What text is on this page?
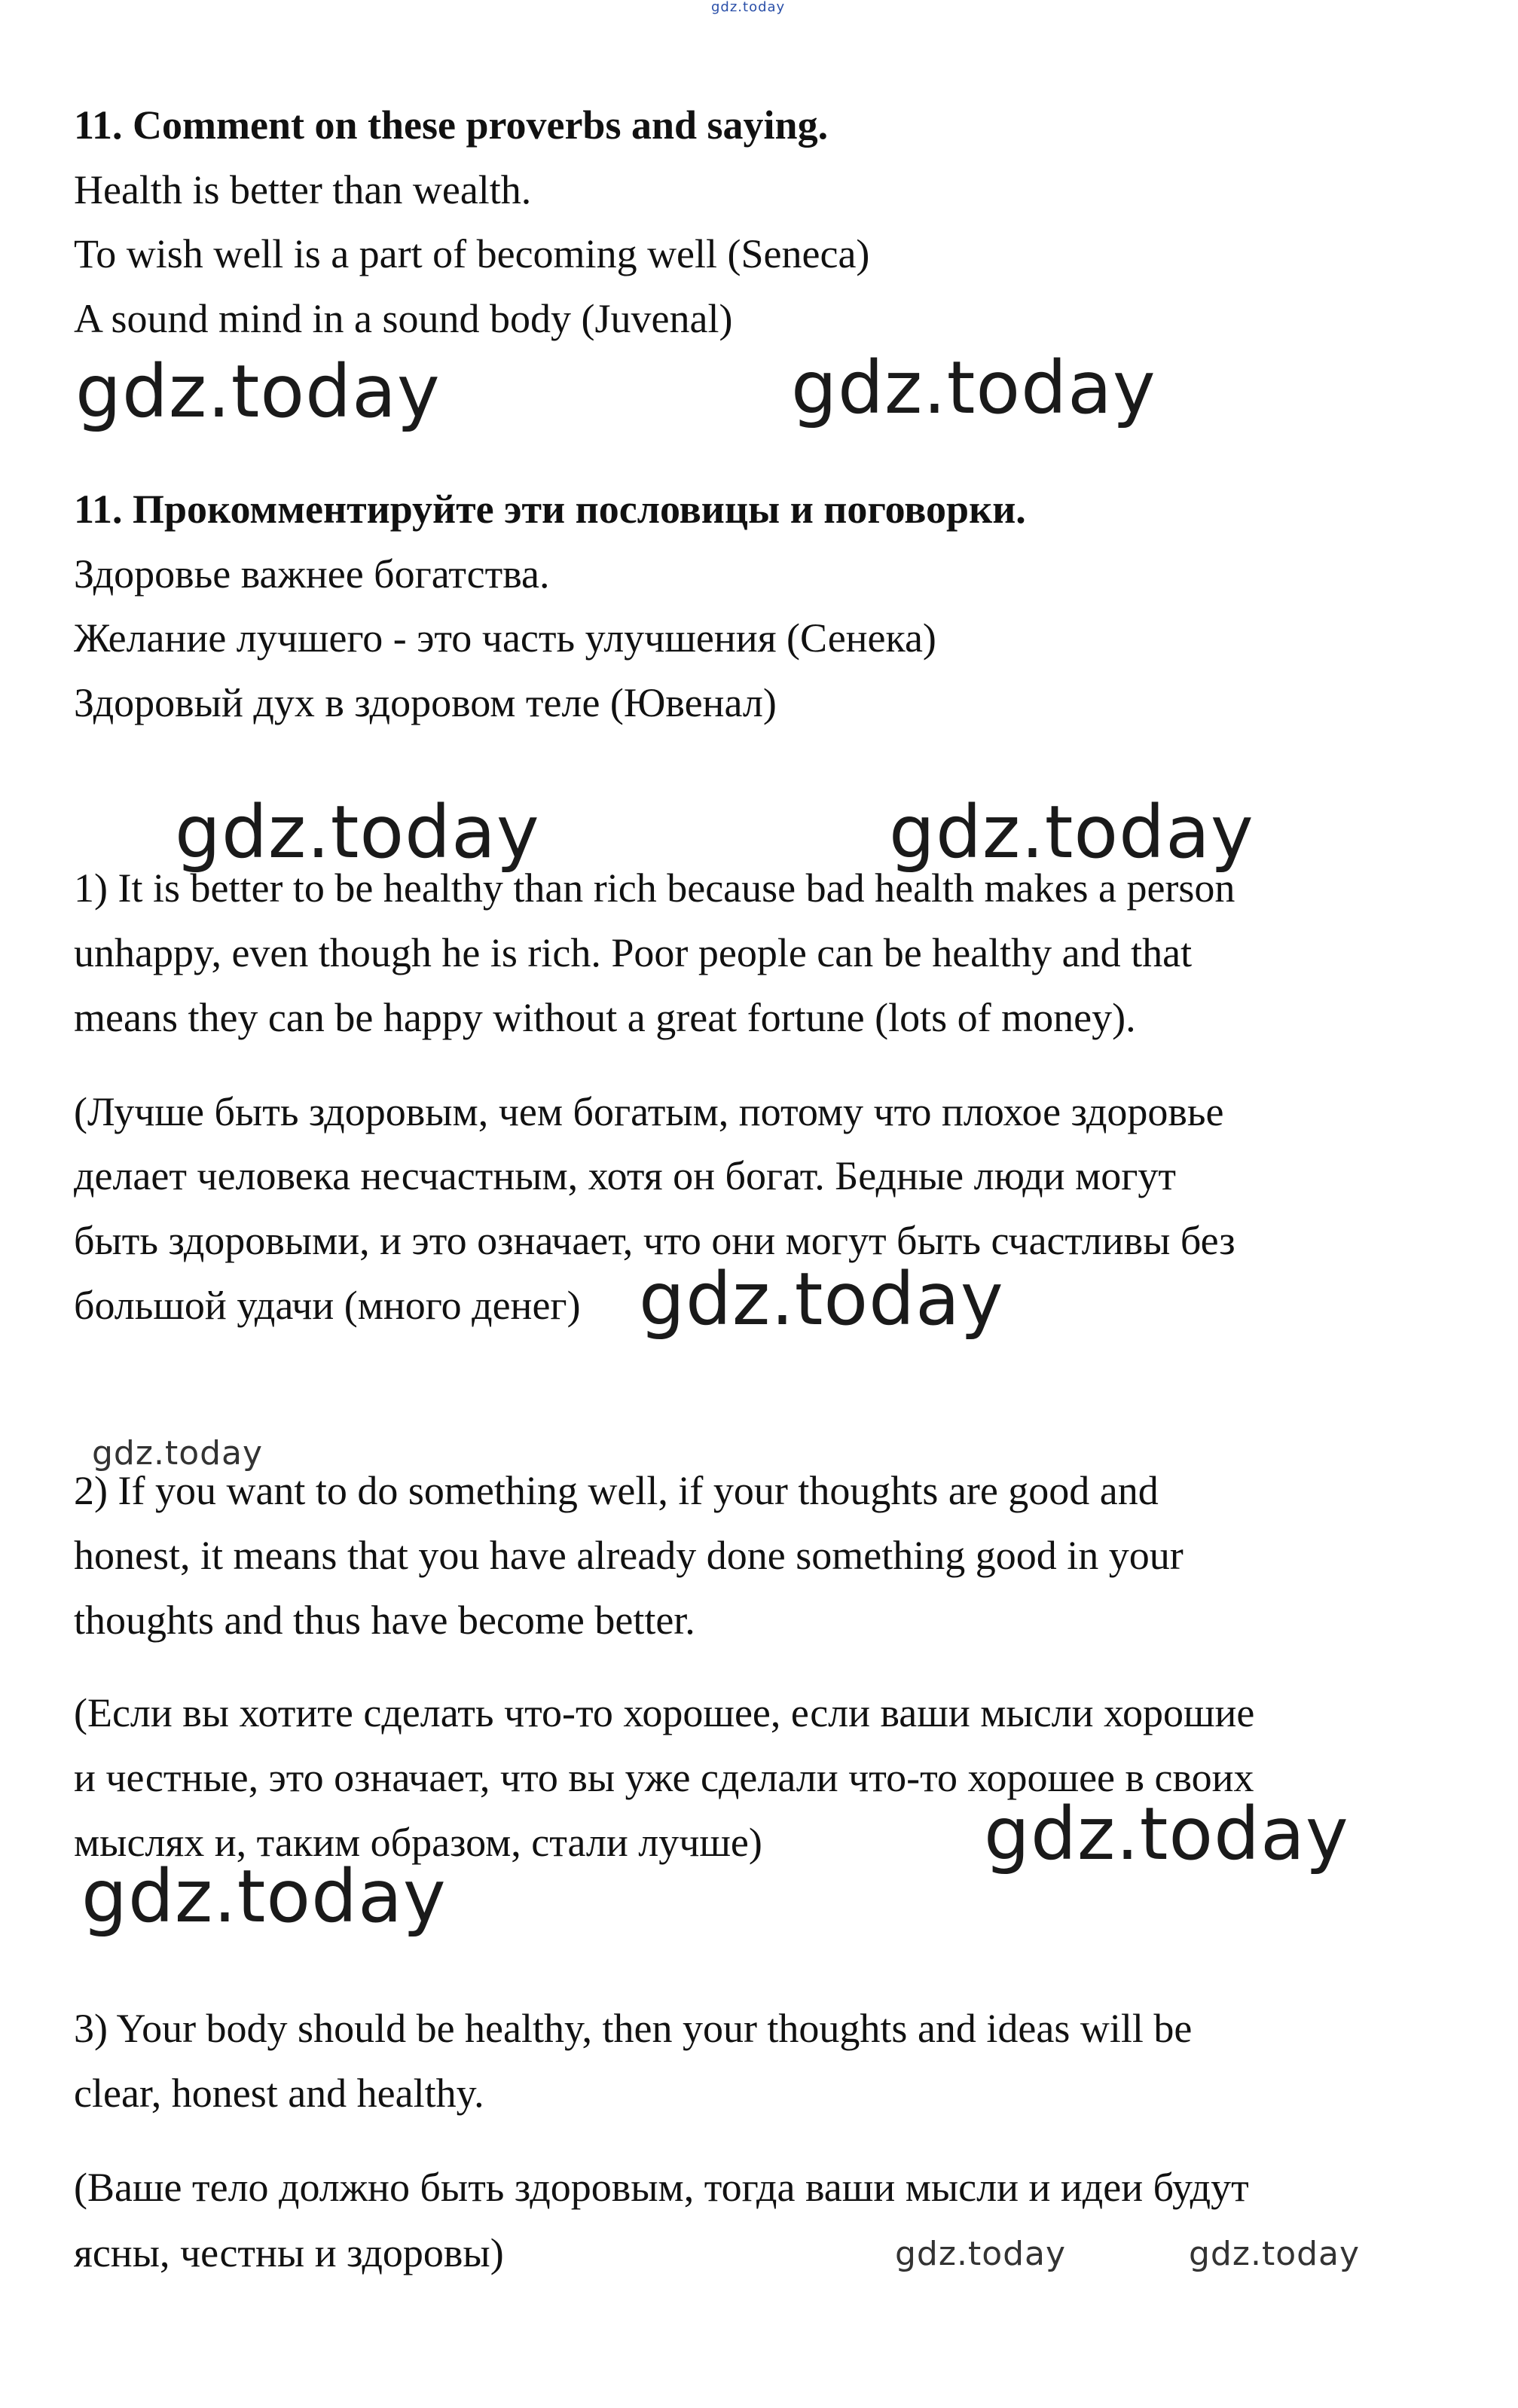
gdz.today
11. Comment on these proverbs and saying.
Health is better than wealth.
To wish well is a part of becoming well (Seneca)
A sound mind in a sound body (Juvenal)
gdz.today	gdz.today
11. Прокомментируйте эти пословицы и поговорки.
Здоровье важнее богатства.
Желание лучшего - это часть улучшения (Сенека)
Здоровый дух в здоровом теле (Ювенал)
gdz.today	gdz.today
1) It is better to be healthy than rich because bad health makes a person
unhappy, even though he is rich. Poor people can be healthy and that
means they can be happy without a great fortune (lots of money).
(Лучше быть здоровым, чем богатым, потому что плохое здоровье
делает человека несчастным, хотя он богат. Бедные люди могут
быть здоровыми, и это означает, что они могут быть счастливы без
большой удачи (много денег) gdz.today
gdz.today
2) If you want to do something well, if your thoughts are good and
honest, it means that you have already done something good in your
thoughts and thus have become better.
(Если вы хотите сделать что-то хорошее, если ваши мысли хорошие
и честные, это означает, что вы уже сделали что-то хорошее в своих
мыслях и, таким образом, стали лучше)	gdz.today
gdz.today
3) Your body should be healthy, then your thoughts and ideas will be
clear, honest and healthy.
(Ваше тело должно быть здоровым, тогда ваши мысли и идеи будут
ясны, честны и здоровы)	gdz.today	gdz.today
